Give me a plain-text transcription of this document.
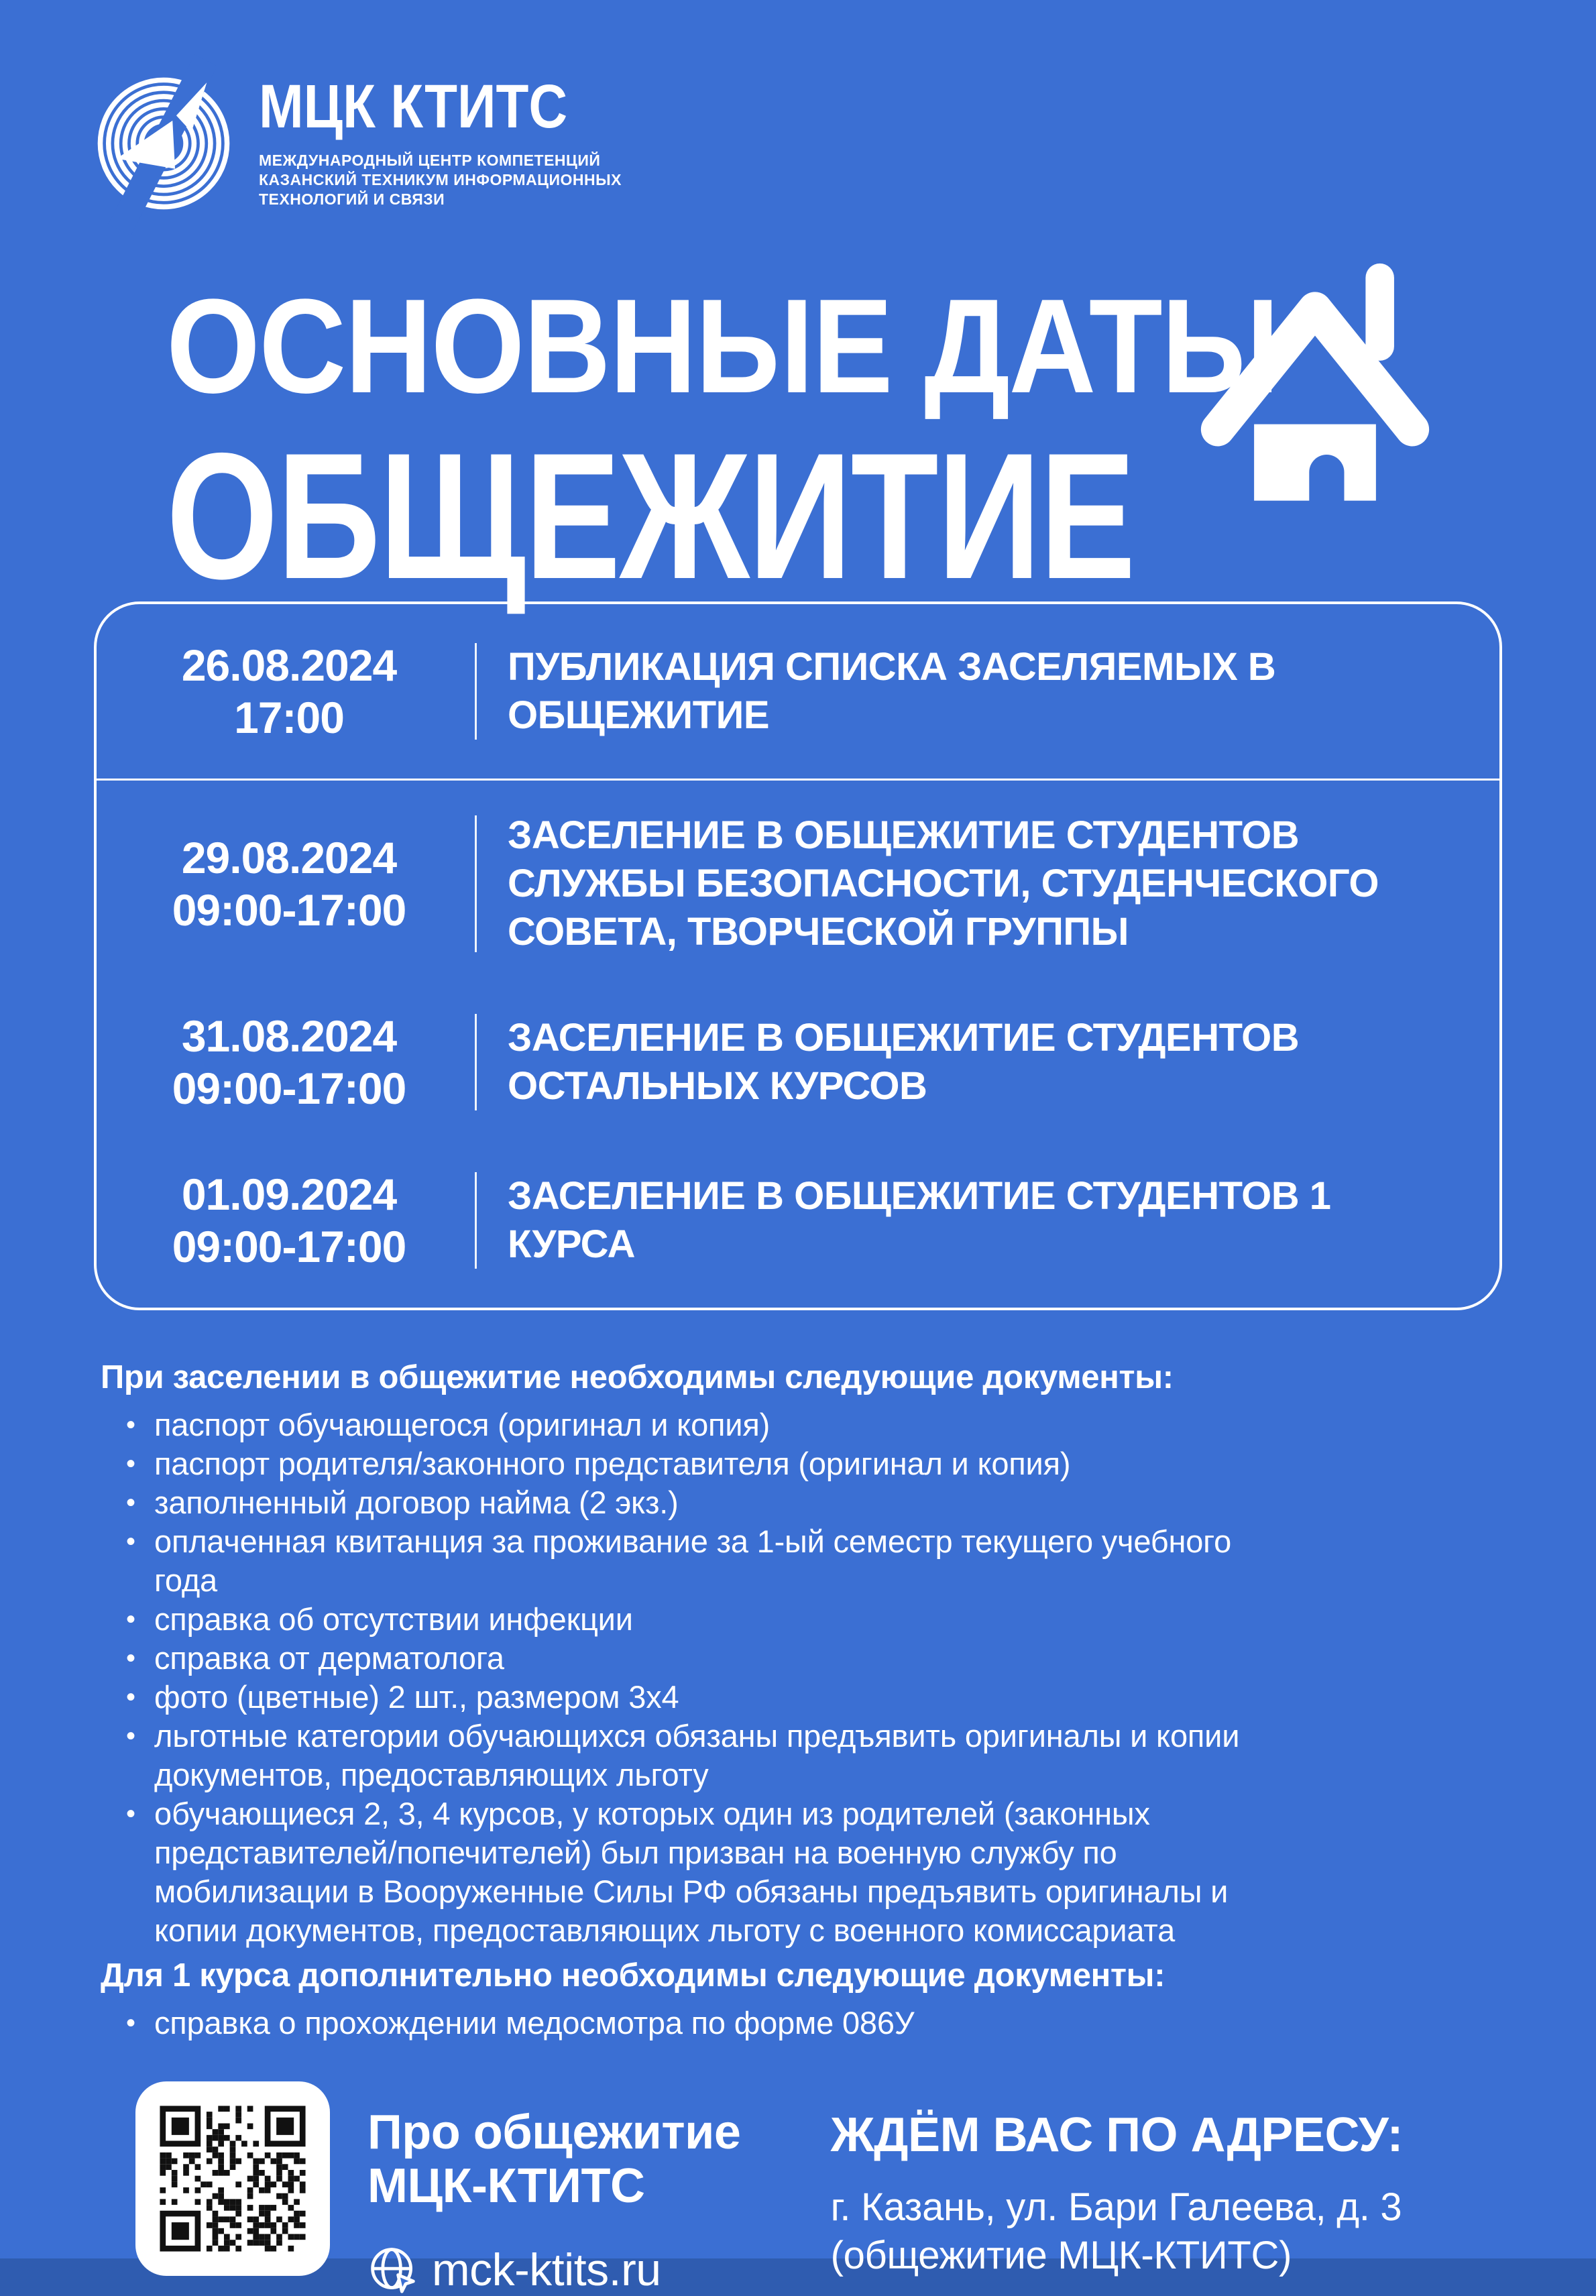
МЦК КТИТС
МЕЖДУНАРОДНЫЙ ЦЕНТР КОМПЕТЕНЦИЙ
КАЗАНСКИЙ ТЕХНИКУМ ИНФОРМАЦИОННЫХ
ТЕХНОЛОГИЙ И СВЯЗИ
ОСНОВНЫЕ ДАТЫ
ОБЩЕЖИТИЕ
26.08.2024
17:00
ПУБЛИКАЦИЯ СПИСКА ЗАСЕЛЯЕМЫХ В ОБЩЕЖИТИЕ
29.08.2024
09:00-17:00
ЗАСЕЛЕНИЕ В ОБЩЕЖИТИЕ СТУДЕНТОВ СЛУЖБЫ БЕЗОПАСНОСТИ, СТУДЕНЧЕСКОГО СОВЕТА, ТВОРЧЕСКОЙ ГРУППЫ
31.08.2024
09:00-17:00
ЗАСЕЛЕНИЕ В ОБЩЕЖИТИЕ СТУДЕНТОВ ОСТАЛЬНЫХ КУРСОВ
01.09.2024
09:00-17:00
ЗАСЕЛЕНИЕ В ОБЩЕЖИТИЕ СТУДЕНТОВ 1 КУРСА

При заселении в общежитие необходимы следующие документы:

• паспорт обучающегося (оригинал и копия)
• паспорт родителя/законного представителя (оригинал и копия)
• заполненный договор найма (2 экз.)
• оплаченная квитанция за проживание за 1-ый семестр текущего учебного года
• справка об отсутствии инфекции
• справка от дерматолога
• фото (цветные) 2 шт., размером 3х4
• льготные категории обучающихся обязаны предъявить оригиналы и копии документов, предоставляющих льготу
• обучающиеся 2, 3, 4 курсов, у которых один из родителей (законных представителей/попечителей) был призван на военную службу по мобилизации в Вооруженные Силы РФ обязаны предъявить оригиналы и копии документов, предоставляющих льготу с военного комиссариата

Для 1 курса дополнительно необходимы следующие документы:

• справка о прохождении медосмотра по форме 086У
Про общежитие
МЦК-КТИТС
mck-ktits.ru
ЖДЁМ ВАС ПО АДРЕСУ:
г. Казань, ул. Бари Галеева, д. 3
(общежитие МЦК-КТИТС)
